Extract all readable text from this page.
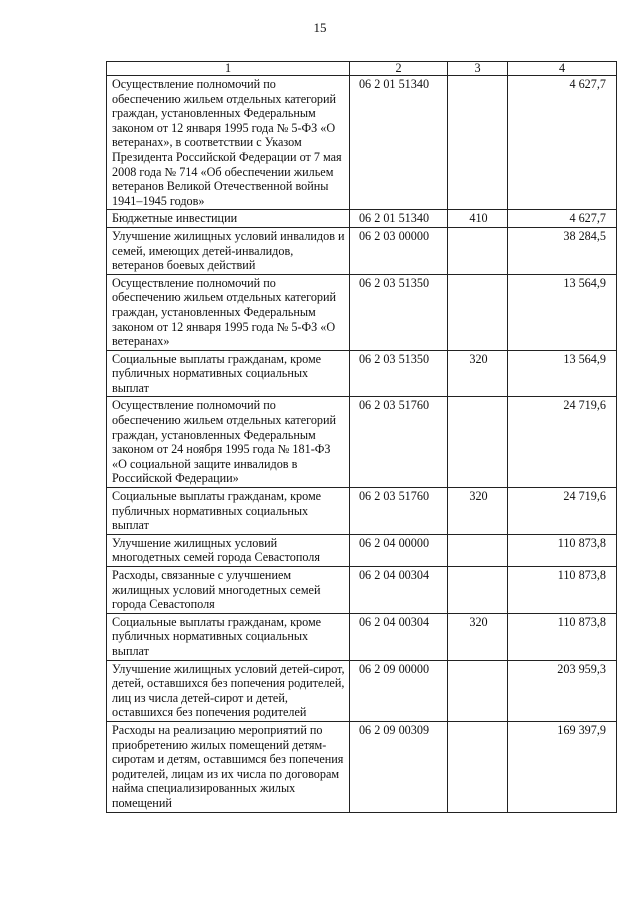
15
1	2	3	4
Осуществление полномочий по обеспечению жильем отдельных категорий граждан, установленных Федеральным законом от 12 января 1995 года № 5-ФЗ «О ветеранах», в соответствии с Указом Президента Российской Федерации от 7 мая 2008 года № 714 «Об обеспечении жильем ветеранов Великой Отечественной войны 1941–1945 годов»	06 2 01 51340		4 627,7
Бюджетные инвестиции	06 2 01 51340	410	4 627,7
Улучшение жилищных условий инвалидов и семей, имеющих детей-инвалидов, ветеранов боевых действий	06 2 03 00000		38 284,5
Осуществление полномочий по обеспечению жильем отдельных категорий граждан, установленных Федеральным законом от 12 января 1995 года № 5-ФЗ «О ветеранах»	06 2 03 51350		13 564,9
Социальные выплаты гражданам, кроме публичных нормативных социальных выплат	06 2 03 51350	320	13 564,9
Осуществление полномочий по обеспечению жильем отдельных категорий граждан, установленных Федеральным законом от 24 ноября 1995 года № 181-ФЗ «О социальной защите инвалидов в Российской Федерации»	06 2 03 51760		24 719,6
Социальные выплаты гражданам, кроме публичных нормативных социальных выплат	06 2 03 51760	320	24 719,6
Улучшение жилищных условий многодетных семей города Севастополя	06 2 04 00000		110 873,8
Расходы, связанные с улучшением жилищных условий многодетных семей города Севастополя	06 2 04 00304		110 873,8
Социальные выплаты гражданам, кроме публичных нормативных социальных выплат	06 2 04 00304	320	110 873,8
Улучшение жилищных условий детей-сирот, детей, оставшихся без попечения родителей, лиц из числа детей-сирот и детей, оставшихся без попечения родителей	06 2 09 00000		203 959,3
Расходы на реализацию мероприятий по приобретению жилых помещений детям-сиротам и детям, оставшимся без попечения родителей, лицам из их числа по договорам найма специализированных жилых помещений	06 2 09 00309		169 397,9
